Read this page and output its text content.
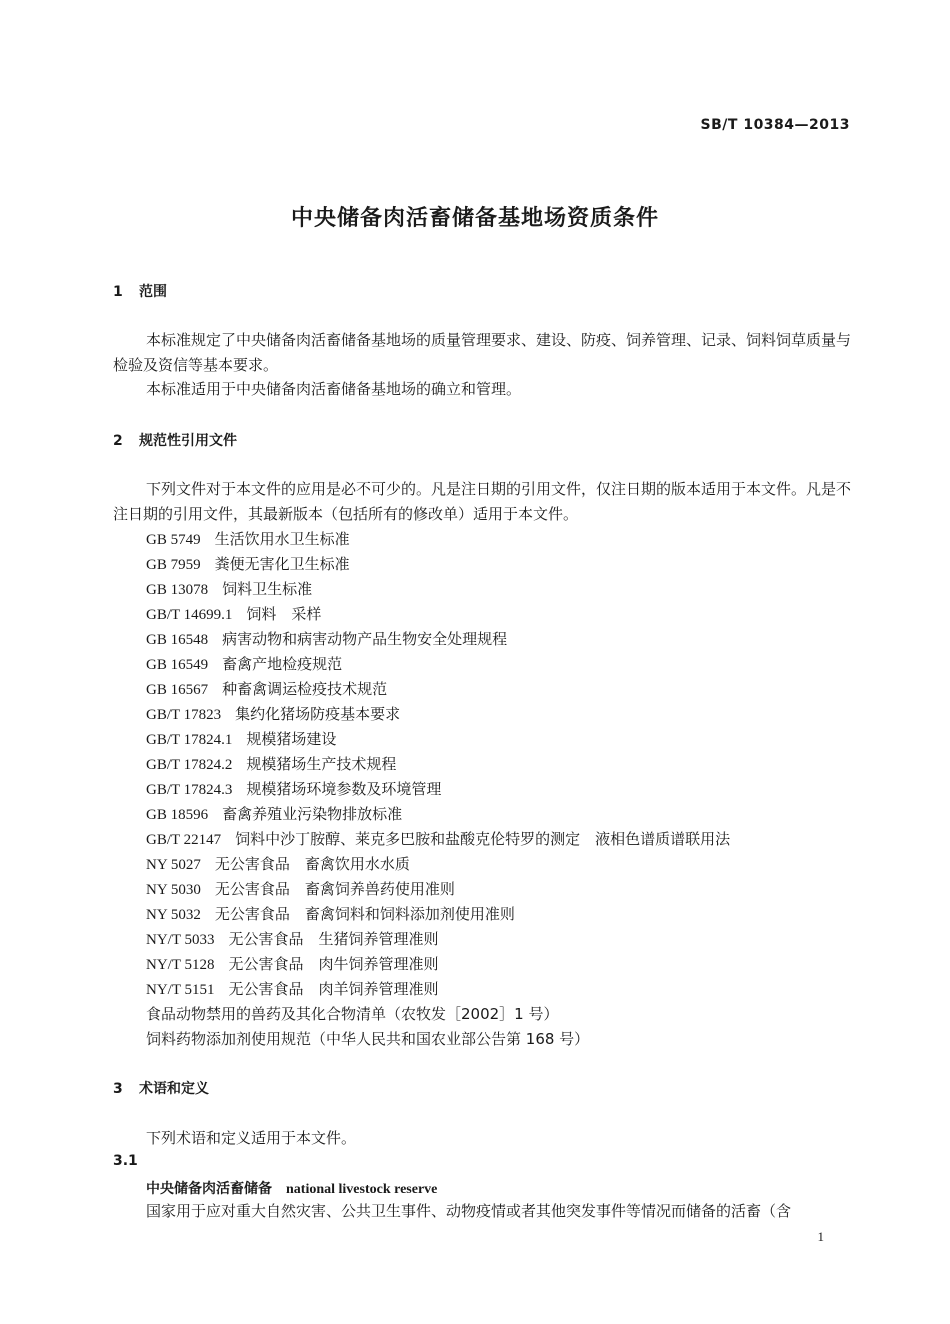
SB/T 10384—2013
中央储备肉活畜储备基地场资质条件
1 范围
本标准规定了中央储备肉活畜储备基地场的质量管理要求、建设、防疫、饲养管理、记录、饲料饲草质量与检验及资信等基本要求。
本标准适用于中央储备肉活畜储备基地场的确立和管理。
2 规范性引用文件
下列文件对于本文件的应用是必不可少的。凡是注日期的引用文件，仅注日期的版本适用于本文件。凡是不注日期的引用文件，其最新版本（包括所有的修改单）适用于本文件。
GB 5749 生活饮用水卫生标准
GB 7959 粪便无害化卫生标准
GB 13078 饲料卫生标准
GB/T 14699.1 饲料　采样
GB 16548 病害动物和病害动物产品生物安全处理规程
GB 16549 畜禽产地检疫规范
GB 16567 种畜禽调运检疫技术规范
GB/T 17823 集约化猪场防疫基本要求
GB/T 17824.1 规模猪场建设
GB/T 17824.2 规模猪场生产技术规程
GB/T 17824.3 规模猪场环境参数及环境管理
GB 18596 畜禽养殖业污染物排放标准
GB/T 22147 饲料中沙丁胺醇、莱克多巴胺和盐酸克伦特罗的测定　液相色谱质谱联用法
NY 5027 无公害食品　畜禽饮用水水质
NY 5030 无公害食品　畜禽饲养兽药使用准则
NY 5032 无公害食品　畜禽饲料和饲料添加剂使用准则
NY/T 5033 无公害食品　生猪饲养管理准则
NY/T 5128 无公害食品　肉牛饲养管理准则
NY/T 5151 无公害食品　肉羊饲养管理准则
食品动物禁用的兽药及其化合物清单（农牧发［2002］1 号）
饲料药物添加剂使用规范（中华人民共和国农业部公告第 168 号）
3 术语和定义
下列术语和定义适用于本文件。
3.1
中央储备肉活畜储备 national livestock reserve
国家用于应对重大自然灾害、公共卫生事件、动物疫情或者其他突发事件等情况而储备的活畜（含
1
